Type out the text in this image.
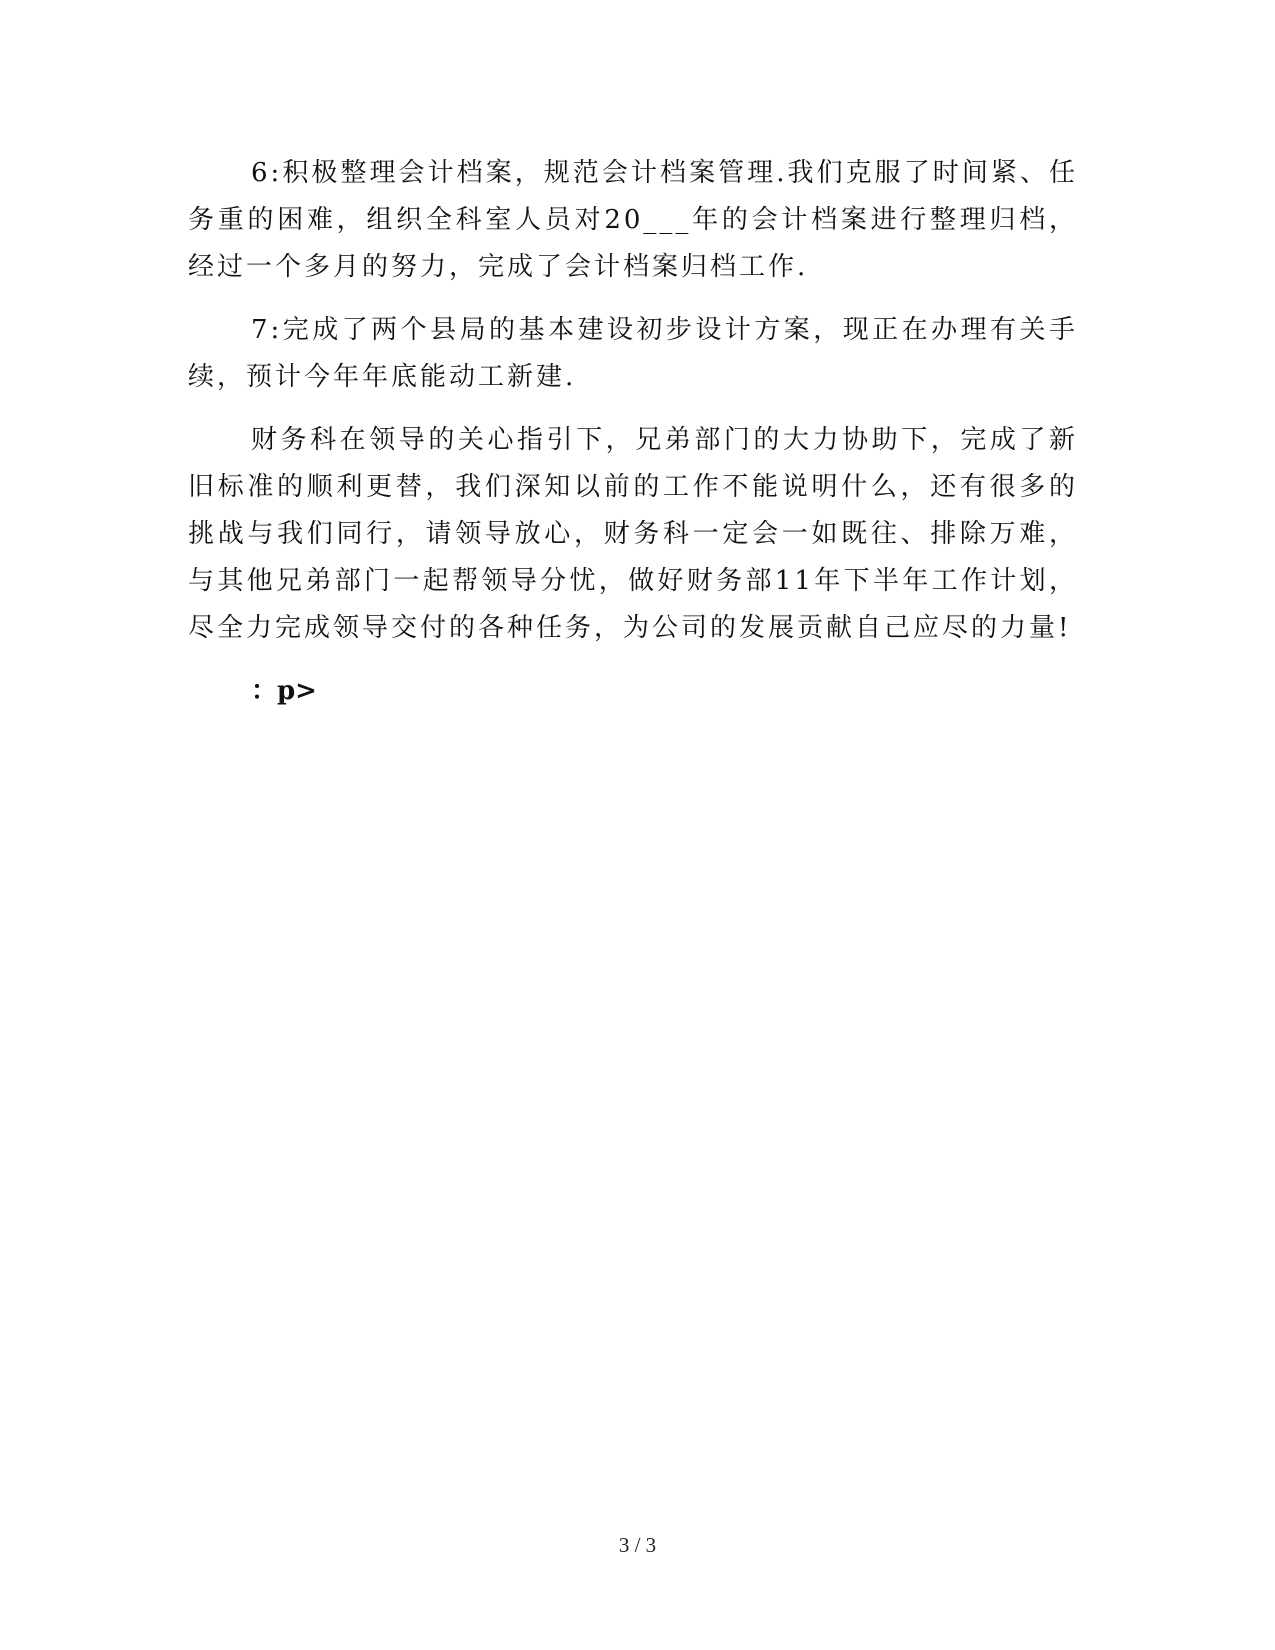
6:积极整理会计档案，规范会计档案管理.我们克服了时间紧、任务重的困难，组织全科室人员对20___年的会计档案进行整理归档，经过一个多月的努力，完成了会计档案归档工作.

7:完成了两个县局的基本建设初步设计方案，现正在办理有关手续，预计今年年底能动工新建.

财务科在领导的关心指引下，兄弟部门的大力协助下，完成了新旧标准的顺利更替，我们深知以前的工作不能说明什么，还有很多的挑战与我们同行，请领导放心，财务科一定会一如既往、排除万难，与其他兄弟部门一起帮领导分忧，做好财务部11年下半年工作计划，尽全力完成领导交付的各种任务，为公司的发展贡献自己应尽的力量!

：p>

3 / 3
